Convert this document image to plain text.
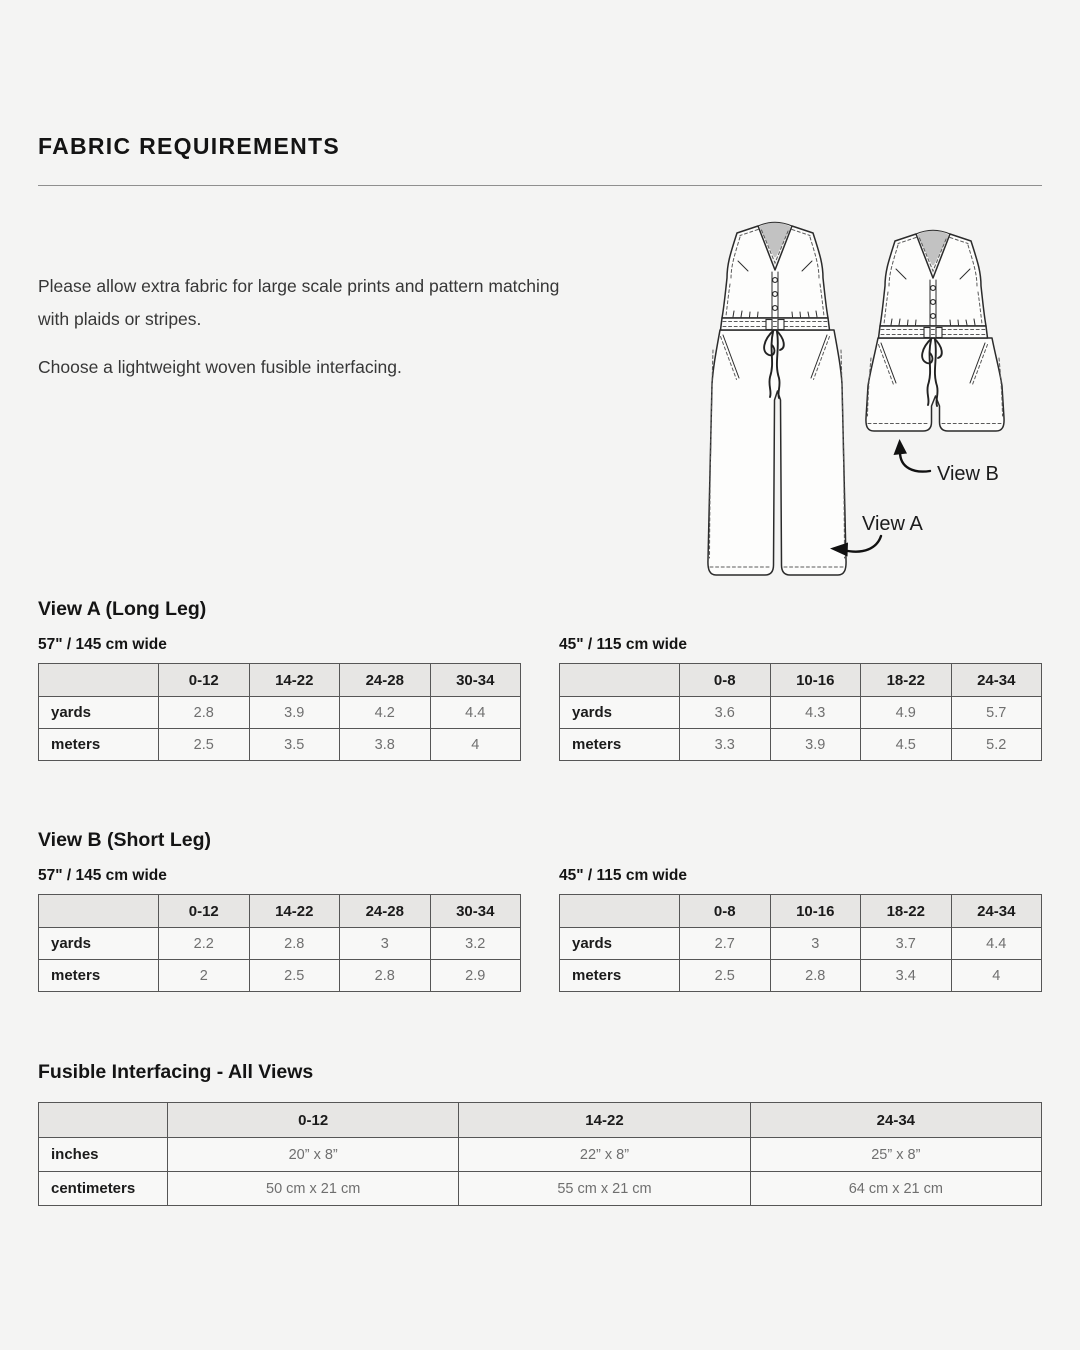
FABRIC REQUIREMENTS

Please allow extra fabric for large scale prints and pattern matching
with plaids or stripes.

Choose a lightweight woven fusible interfacing.

View B
View A
View A (Long Leg)

57" / 145 cm wide

	0-12	14-22	24-28	30-34
yards	2.8	3.9	4.2	4.4
meters	2.5	3.5	3.8	4

45" / 115 cm wide

	0-8	10-16	18-22	24-34
yards	3.6	4.3	4.9	5.7
meters	3.3	3.9	4.5	5.2
View B (Short Leg)

57" / 145 cm wide

	0-12	14-22	24-28	30-34
yards	2.2	2.8	3	3.2
meters	2	2.5	2.8	2.9

45" / 115 cm wide

	0-8	10-16	18-22	24-34
yards	2.7	3	3.7	4.4
meters	2.5	2.8	3.4	4
Fusible Interfacing - All Views
	0-12	14-22	24-34
inches	20” x 8”	22” x 8”	25” x 8”
centimeters	50 cm x 21 cm	55 cm x 21 cm	64 cm x 21 cm
